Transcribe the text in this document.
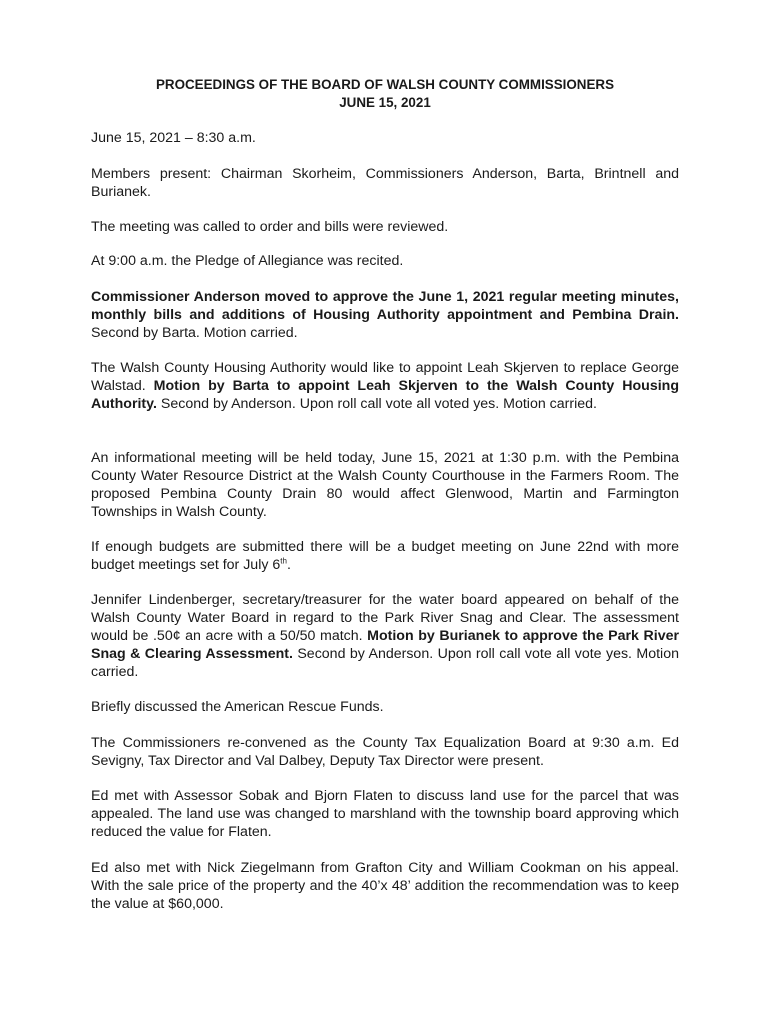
PROCEEDINGS OF THE BOARD OF WALSH COUNTY COMMISSIONERS
JUNE 15, 2021

June 15, 2021 – 8:30 a.m.

Members present: Chairman Skorheim, Commissioners Anderson, Barta, Brintnell and Burianek.

The meeting was called to order and bills were reviewed.

At 9:00 a.m. the Pledge of Allegiance was recited.

Commissioner Anderson moved to approve the June 1, 2021 regular meeting minutes, monthly bills and additions of Housing Authority appointment and Pembina Drain. Second by Barta. Motion carried.

The Walsh County Housing Authority would like to appoint Leah Skjerven to replace George Walstad. Motion by Barta to appoint Leah Skjerven to the Walsh County Housing Authority. Second by Anderson. Upon roll call vote all voted yes. Motion carried.

An informational meeting will be held today, June 15, 2021 at 1:30 p.m. with the Pembina County Water Resource District at the Walsh County Courthouse in the Farmers Room. The proposed Pembina County Drain 80 would affect Glenwood, Martin and Farmington Townships in Walsh County.

If enough budgets are submitted there will be a budget meeting on June 22nd with more budget meetings set for July 6th.

Jennifer Lindenberger, secretary/treasurer for the water board appeared on behalf of the Walsh County Water Board in regard to the Park River Snag and Clear. The assessment would be .50¢ an acre with a 50/50 match. Motion by Burianek to approve the Park River Snag & Clearing Assessment. Second by Anderson. Upon roll call vote all vote yes. Motion carried.

Briefly discussed the American Rescue Funds.

The Commissioners re-convened as the County Tax Equalization Board at 9:30 a.m. Ed Sevigny, Tax Director and Val Dalbey, Deputy Tax Director were present.

Ed met with Assessor Sobak and Bjorn Flaten to discuss land use for the parcel that was appealed. The land use was changed to marshland with the township board approving which reduced the value for Flaten.

Ed also met with Nick Ziegelmann from Grafton City and William Cookman on his appeal. With the sale price of the property and the 40’x 48’ addition the recommendation was to keep the value at $60,000.
